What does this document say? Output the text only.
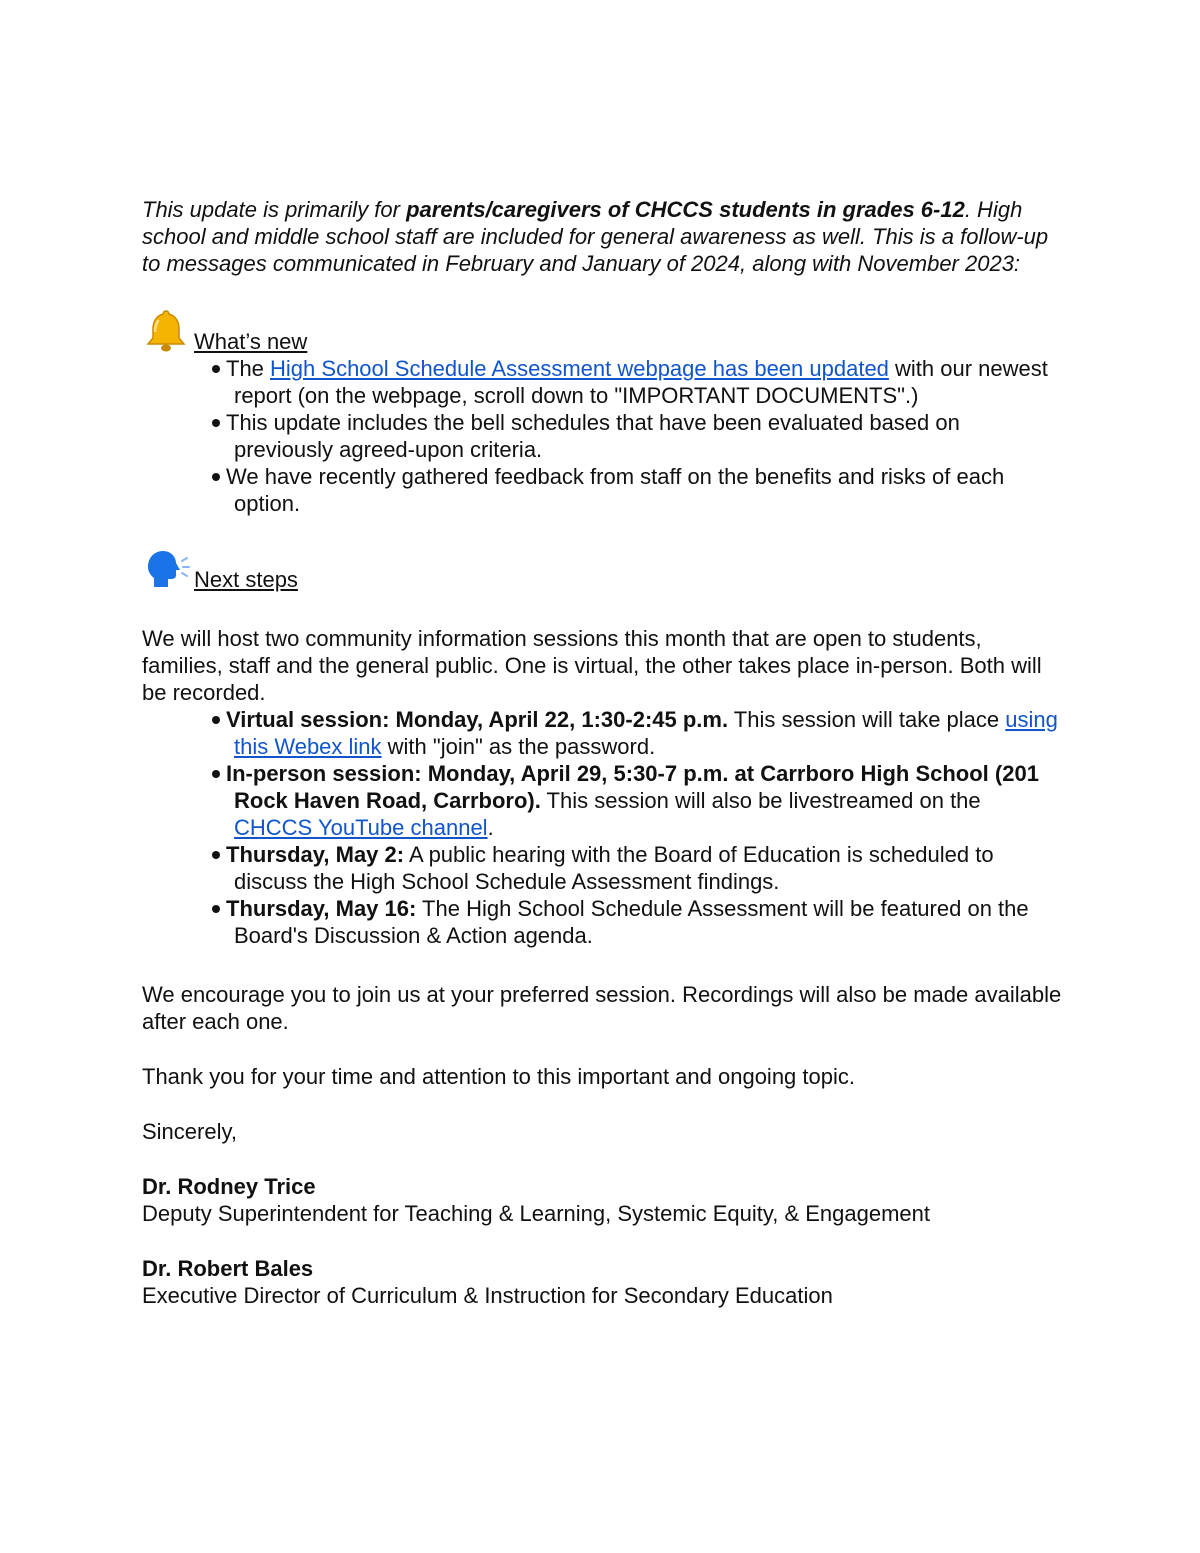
This update is primarily for parents/caregivers of CHCCS students in grades 6-12. High school and middle school staff are included for general awareness as well. This is a follow-up to messages communicated in February and January of 2024, along with November 2023:

What’s new
The High School Schedule Assessment webpage has been updated with our newest report (on the webpage, scroll down to "IMPORTANT DOCUMENTS".)
This update includes the bell schedules that have been evaluated based on previously agreed-upon criteria.
We have recently gathered feedback from staff on the benefits and risks of each option.
Next steps

We will host two community information sessions this month that are open to students, families, staff and the general public. One is virtual, the other takes place in-person. Both will be recorded.

Virtual session: Monday, April 22, 1:30-2:45 p.m. This session will take place using this Webex link with "join" as the password.
In-person session: Monday, April 29, 5:30-7 p.m. at Carrboro High School (201 Rock Haven Road, Carrboro). This session will also be livestreamed on the CHCCS YouTube channel.
Thursday, May 2: A public hearing with the Board of Education is scheduled to discuss the High School Schedule Assessment findings.
Thursday, May 16: The High School Schedule Assessment will be featured on the Board's Discussion & Action agenda.

We encourage you to join us at your preferred session. Recordings will also be made available after each one.

Thank you for your time and attention to this important and ongoing topic.

Sincerely,

Dr. Rodney Trice

Deputy Superintendent for Teaching & Learning, Systemic Equity, & Engagement

Dr. Robert Bales

Executive Director of Curriculum & Instruction for Secondary Education
